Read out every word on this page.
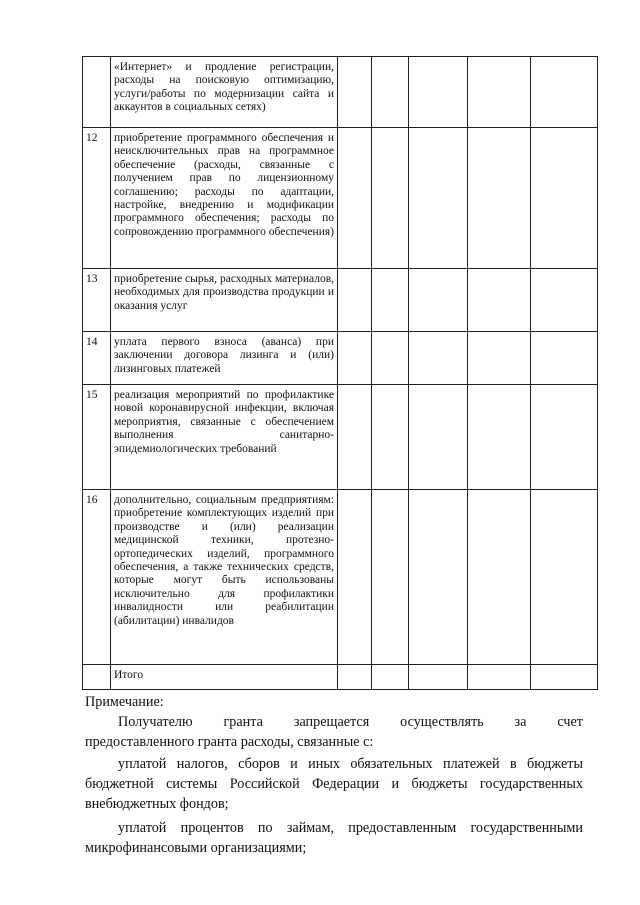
	«Интернет» и продление регистрации, расходы на поисковую оптимизацию, услуги/работы по модернизации сайта и аккаунтов в социальных сетях)					

12	приобретение программного обеспечения и неисключительных прав на программное обеспечение (расходы, связанные с получением прав по лицензионному соглашению; расходы по адаптации, настройке, внедрению и модификации программного обеспечения; расходы по сопровождению программного обеспечения)					

13	приобретение сырья, расходных материалов, необходимых для производства продукции и оказания услуг					

14	уплата первого взноса (аванса) при заключении договора лизинга и (или) лизинговых платежей					

15	реализация мероприятий по профилактике новой коронавирусной инфекции, включая мероприятия, связанные с обеспечением выполнения санитарно-эпидемиологических требований					

16	дополнительно, социальным предприятиям: приобретение комплектующих изделий при производстве и (или) реализации медицинской техники, протезно-ортопедических изделий, программного обеспечения, а также технических средств, которые могут быть использованы исключительно для профилактики инвалидности или реабилитации (абилитации) инвалидов					

	Итого					

Примечание:
Получателю гранта запрещается осуществлять за счет
предоставленного гранта расходы, связанные с:
уплатой налогов, сборов и иных обязательных платежей в бюджеты
бюджетной системы Российской Федерации и бюджеты государственных
внебюджетных фондов;
уплатой процентов по займам, предоставленным государственными
микрофинансовыми организациями;
